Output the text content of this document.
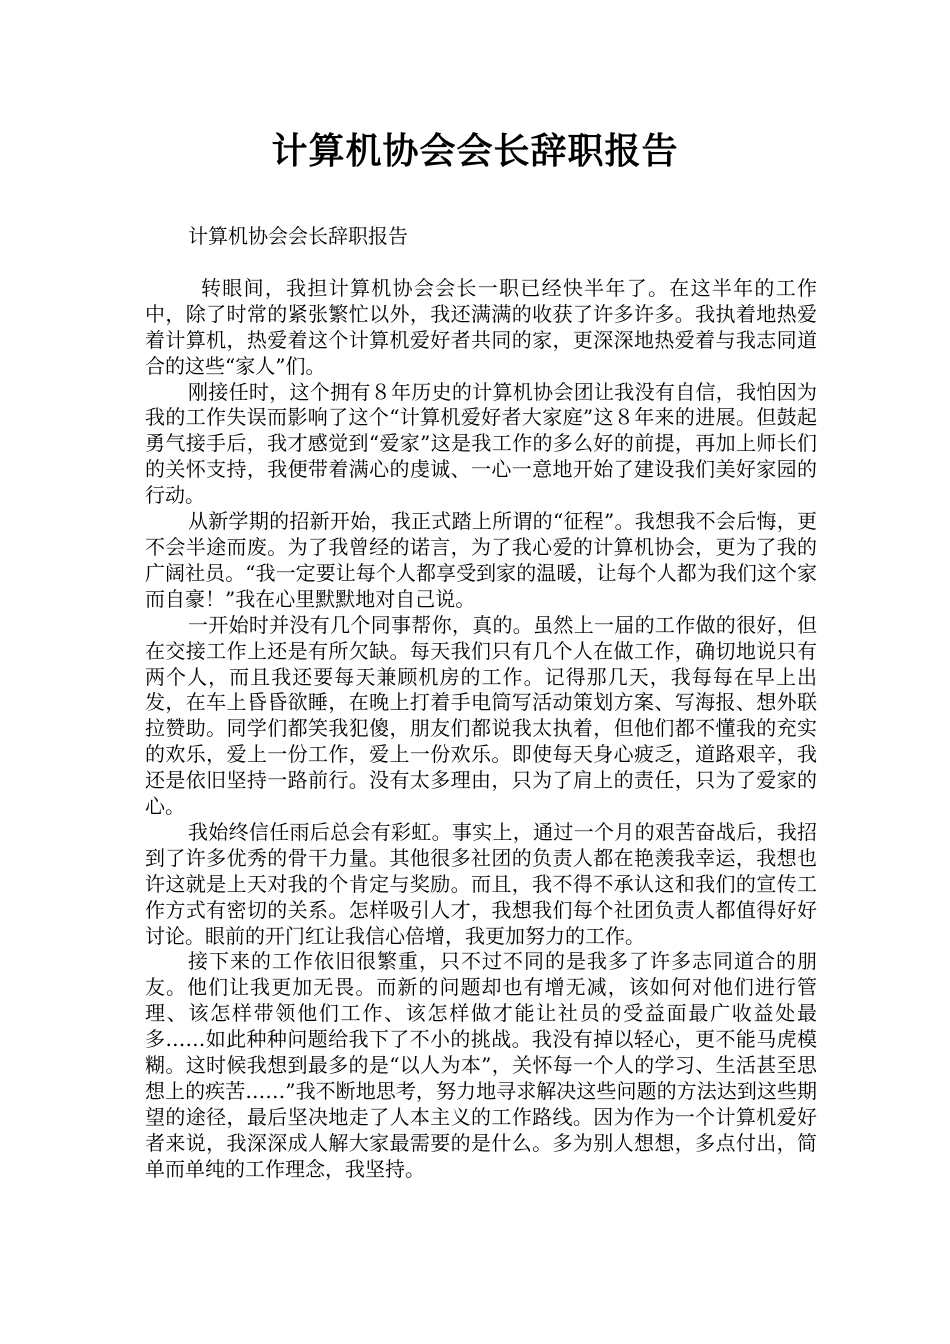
计算机协会会长辞职报告

计算机协会会长辞职报告

转眼间，我担计算机协会会长一职已经快半年了。在这半年的工作中，除了时常的紧张繁忙以外，我还满满的收获了许多许多。我执着地热爱着计算机，热爱着这个计算机爱好者共同的家，更深深地热爱着与我志同道合的这些“家人”们。

刚接任时，这个拥有８年历史的计算机协会团让我没有自信，我怕因为我的工作失误而影响了这个“计算机爱好者大家庭”这８年来的进展。但鼓起勇气接手后，我才感觉到“爱家”这是我工作的多么好的前提，再加上师长们的关怀支持，我便带着满心的虔诚、一心一意地开始了建设我们美好家园的行动。

从新学期的招新开始，我正式踏上所谓的“征程”。我想我不会后悔，更不会半途而废。为了我曾经的诺言，为了我心爱的计算机协会，更为了我的广阔社员。“我一定要让每个人都享受到家的温暖，让每个人都为我们这个家而自豪！”我在心里默默地对自己说。

一开始时并没有几个同事帮你，真的。虽然上一届的工作做的很好，但在交接工作上还是有所欠缺。每天我们只有几个人在做工作，确切地说只有两个人，而且我还要每天兼顾机房的工作。记得那几天，我每每在早上出发，在车上昏昏欲睡，在晚上打着手电筒写活动策划方案、写海报、想外联拉赞助。同学们都笑我犯傻，朋友们都说我太执着，但他们都不懂我的充实的欢乐，爱上一份工作，爱上一份欢乐。即使每天身心疲乏，道路艰辛，我还是依旧坚持一路前行。没有太多理由，只为了肩上的责任，只为了爱家的心。

我始终信任雨后总会有彩虹。事实上，通过一个月的艰苦奋战后，我招到了许多优秀的骨干力量。其他很多社团的负责人都在艳羡我幸运，我想也许这就是上天对我的个肯定与奖励。而且，我不得不承认这和我们的宣传工作方式有密切的关系。怎样吸引人才，我想我们每个社团负责人都值得好好讨论。眼前的开门红让我信心倍增，我更加努力的工作。

接下来的工作依旧很繁重，只不过不同的是我多了许多志同道合的朋友。他们让我更加无畏。而新的问题却也有增无减，该如何对他们进行管理、该怎样带领他们工作、该怎样做才能让社员的受益面最广收益处最多……如此种种问题给我下了不小的挑战。我没有掉以轻心，更不能马虎模糊。这时候我想到最多的是“以人为本”，关怀每一个人的学习、生活甚至思想上的疾苦……”我不断地思考，努力地寻求解决这些问题的方法达到这些期望的途径，最后坚决地走了人本主义的工作路线。因为作为一个计算机爱好者来说，我深深成人解大家最需要的是什么。多为别人想想，多点付出，简单而单纯的工作理念，我坚持。
